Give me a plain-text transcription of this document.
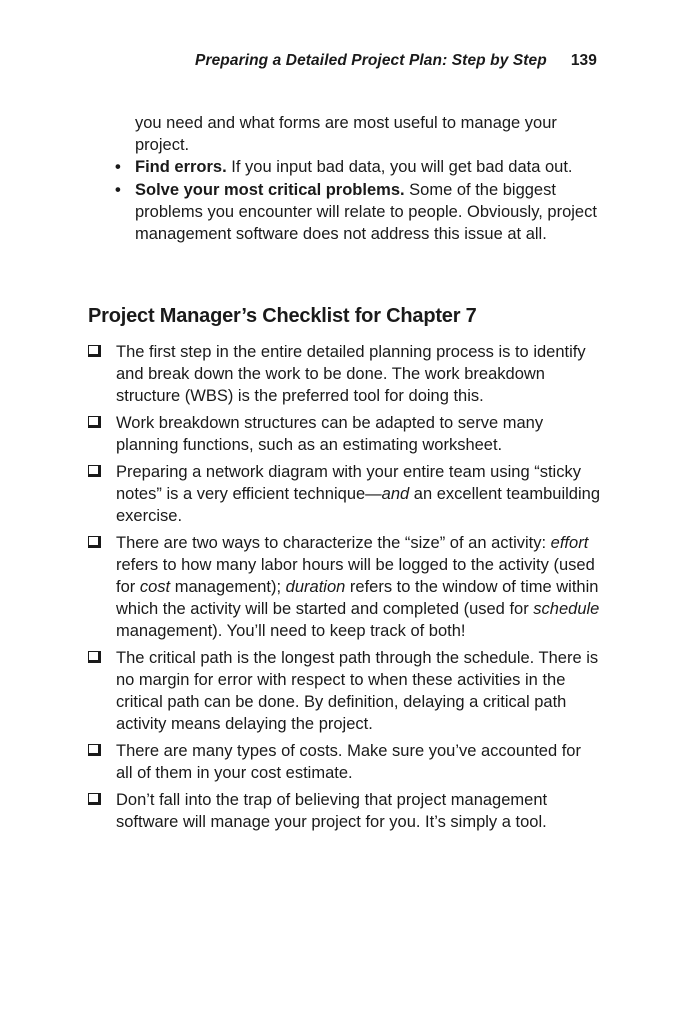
Preparing a Detailed Project Plan: Step by Step 139
you need and what forms are most useful to manage your project.
• Find errors. If you input bad data, you will get bad data out.
• Solve your most critical problems. Some of the biggest problems you encounter will relate to people. Obviously, project management software does not address this issue at all.
Project Manager’s Checklist for Chapter 7
The first step in the entire detailed planning process is to identify and break down the work to be done. The work breakdown structure (WBS) is the preferred tool for doing this.
Work breakdown structures can be adapted to serve many planning functions, such as an estimating worksheet.
Preparing a network diagram with your entire team using “sticky notes” is a very efficient technique—and an excellent teambuilding exercise.
There are two ways to characterize the “size” of an activity: effort refers to how many labor hours will be logged to the activity (used for cost management); duration refers to the window of time within which the activity will be started and completed (used for schedule management). You’ll need to keep track of both!
The critical path is the longest path through the schedule. There is no margin for error with respect to when these activities in the critical path can be done. By definition, delaying a critical path activity means delaying the project.
There are many types of costs. Make sure you’ve accounted for all of them in your cost estimate.
Don’t fall into the trap of believing that project management software will manage your project for you. It’s simply a tool.
